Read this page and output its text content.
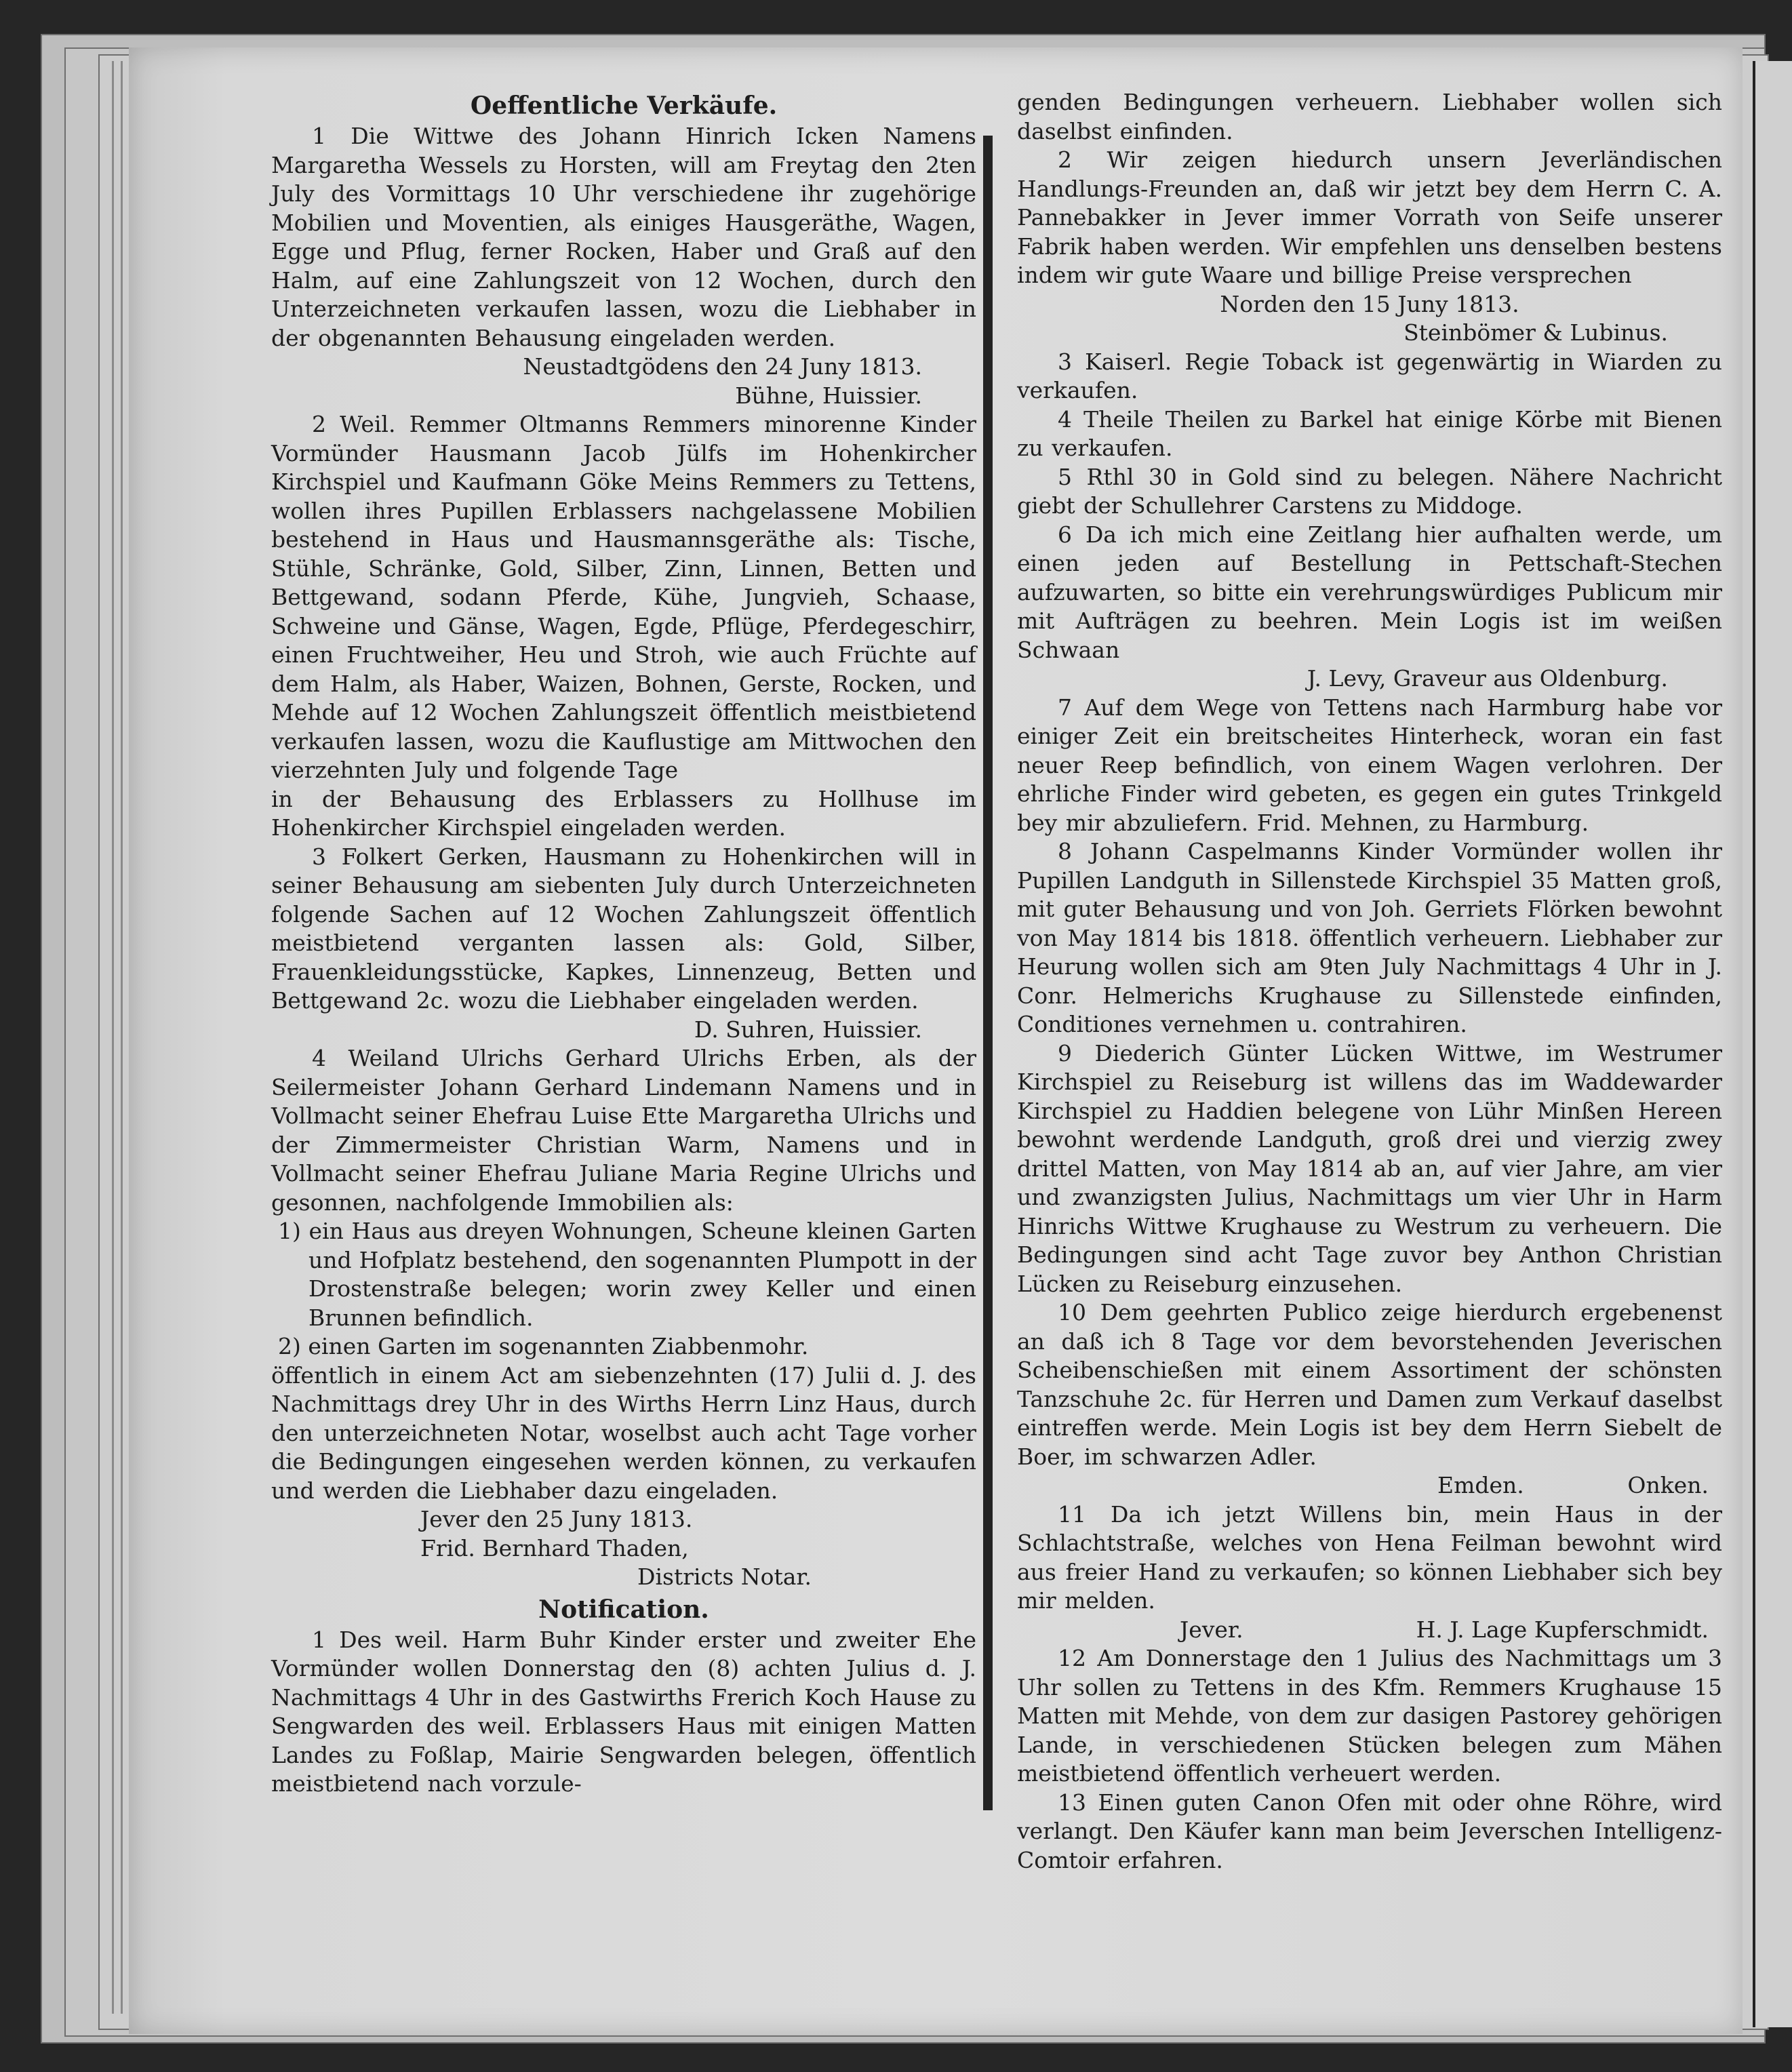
Oeffentliche Verkäufe.

1 Die Wittwe des Johann Hinrich Icken Namens Margaretha Wessels zu Horsten, will am Freytag den 2ten July des Vormittags 10 Uhr verschiedene ihr zugehörige Mobilien und Moventien, als einiges Hausgeräthe, Wagen, Egge und Pflug, ferner Rocken, Haber und Graß auf den Halm, auf eine Zahlungszeit von 12 Wochen, durch den Unterzeichneten verkaufen lassen, wozu die Liebhaber in der obgenannten Behausung eingeladen werden.

Neustadtgödens den 24 Juny 1813.

Bühne, Huissier.

2 Weil. Remmer Oltmanns Remmers minorenne Kinder Vormünder Hausmann Jacob Jülfs im Hohenkircher Kirchspiel und Kaufmann Göke Meins Remmers zu Tettens, wollen ihres Pupillen Erblassers nachgelassene Mobilien bestehend in Haus und Hausmannsgeräthe als: Tische, Stühle, Schränke, Gold, Silber, Zinn, Linnen, Betten und Bettgewand, sodann Pferde, Kühe, Jungvieh, Schaase, Schweine und Gänse, Wagen, Egde, Pflüge, Pferdegeschirr, einen Fruchtweiher, Heu und Stroh, wie auch Früchte auf dem Halm, als Haber, Waizen, Bohnen, Gerste, Rocken, und Mehde auf 12 Wochen Zahlungszeit öffentlich meistbietend verkaufen lassen, wozu die Kauflustige am Mittwochen den vierzehnten July und folgende Tage

in der Behausung des Erblassers zu Hollhuse im Hohenkircher Kirchspiel eingeladen werden.

3 Folkert Gerken, Hausmann zu Hohenkirchen will in seiner Behausung am siebenten July durch Unterzeichneten folgende Sachen auf 12 Wochen Zahlungszeit öffentlich meistbietend verganten lassen als: Gold, Silber, Frauenkleidungsstücke, Kapkes, Linnenzeug, Betten und Bettgewand 2c. wozu die Liebhaber eingeladen werden.

D. Suhren, Huissier.

4 Weiland Ulrichs Gerhard Ulrichs Erben, als der Seilermeister Johann Gerhard Lindemann Namens und in Vollmacht seiner Ehefrau Luise Ette Margaretha Ulrichs und der Zimmermeister Christian Warm, Namens und in Vollmacht seiner Ehefrau Juliane Maria Regine Ulrichs und gesonnen, nachfolgende Immobilien als:

1) ein Haus aus dreyen Wohnungen, Scheune kleinen Garten und Hofplatz bestehend, den sogenannten Plumpott in der Drostenstraße belegen; worin zwey Keller und einen Brunnen befindlich.

2) einen Garten im sogenannten Ziabbenmohr.

öffentlich in einem Act am siebenzehnten (17) Julii d. J. des Nachmittags drey Uhr in des Wirths Herrn Linz Haus, durch den unterzeichneten Notar, woselbst auch acht Tage vorher die Bedingungen eingesehen werden können, zu verkaufen und werden die Liebhaber dazu eingeladen.

Jever den 25 Juny 1813.

Frid. Bernhard Thaden,

Districts Notar.

Notification.

1 Des weil. Harm Buhr Kinder erster und zweiter Ehe Vormünder wollen Donnerstag den (8) achten Julius d. J. Nachmittags 4 Uhr in des Gastwirths Frerich Koch Hause zu Sengwarden des weil. Erblassers Haus mit einigen Matten Landes zu Foßlap, Mairie Sengwarden belegen, öffentlich meistbietend nach vorzule-

genden Bedingungen verheuern. Liebhaber wollen sich daselbst einfinden.

2 Wir zeigen hiedurch unsern Jeverländischen Handlungs-Freunden an, daß wir jetzt bey dem Herrn C. A. Pannebakker in Jever immer Vorrath von Seife unserer Fabrik haben werden. Wir empfehlen uns denselben bestens indem wir gute Waare und billige Preise versprechen

Norden den 15 Juny 1813.

Steinbömer & Lubinus.

3 Kaiserl. Regie Toback ist gegenwärtig in Wiarden zu verkaufen.

4 Theile Theilen zu Barkel hat einige Körbe mit Bienen zu verkaufen.

5 Rthl 30 in Gold sind zu belegen. Nähere Nachricht giebt der Schullehrer Carstens zu Middoge.

6 Da ich mich eine Zeitlang hier aufhalten werde, um einen jeden auf Bestellung in Pettschaft-Stechen aufzuwarten, so bitte ein verehrungswürdiges Publicum mir mit Aufträgen zu beehren. Mein Logis ist im weißen Schwaan

J. Levy, Graveur aus Oldenburg.

7 Auf dem Wege von Tettens nach Harmburg habe vor einiger Zeit ein breitscheites Hinterheck, woran ein fast neuer Reep befindlich, von einem Wagen verlohren. Der ehrliche Finder wird gebeten, es gegen ein gutes Trinkgeld bey mir abzuliefern. Frid. Mehnen, zu Harmburg.

8 Johann Caspelmanns Kinder Vormünder wollen ihr Pupillen Landguth in Sillenstede Kirchspiel 35 Matten groß, mit guter Behausung und von Joh. Gerriets Flörken bewohnt von May 1814 bis 1818. öffentlich verheuern. Liebhaber zur Heurung wollen sich am 9ten July Nachmittags 4 Uhr in J. Conr. Helmerichs Krughause zu Sillenstede einfinden, Conditiones vernehmen u. contrahiren.

9 Diederich Günter Lücken Wittwe, im Westrumer Kirchspiel zu Reiseburg ist willens das im Waddewarder Kirchspiel zu Haddien belegene von Lühr Minßen Hereen bewohnt werdende Landguth, groß drei und vierzig zwey drittel Matten, von May 1814 ab an, auf vier Jahre, am vier und zwanzigsten Julius, Nachmittags um vier Uhr in Harm Hinrichs Wittwe Krughause zu Westrum zu verheuern. Die Bedingungen sind acht Tage zuvor bey Anthon Christian Lücken zu Reiseburg einzusehen.

10 Dem geehrten Publico zeige hierdurch ergebenenst an daß ich 8 Tage vor dem bevorstehenden Jeverischen Scheibenschießen mit einem Assortiment der schönsten Tanzschuhe 2c. für Herren und Damen zum Verkauf daselbst eintreffen werde. Mein Logis ist bey dem Herrn Siebelt de Boer, im schwarzen Adler.

Emden.	Onken.

11 Da ich jetzt Willens bin, mein Haus in der Schlachtstraße, welches von Hena Feilman bewohnt wird aus freier Hand zu verkaufen; so können Liebhaber sich bey mir melden.

Jever.	H. J. Lage Kupferschmidt.

12 Am Donnerstage den 1 Julius des Nachmittags um 3 Uhr sollen zu Tettens in des Kfm. Remmers Krughause 15 Matten mit Mehde, von dem zur dasigen Pastorey gehörigen Lande, in verschiedenen Stücken belegen zum Mähen meistbietend öffentlich verheuert werden.

13 Einen guten Canon Ofen mit oder ohne Röhre, wird verlangt. Den Käufer kann man beim Jeverschen Intelligenz-Comtoir erfahren.
